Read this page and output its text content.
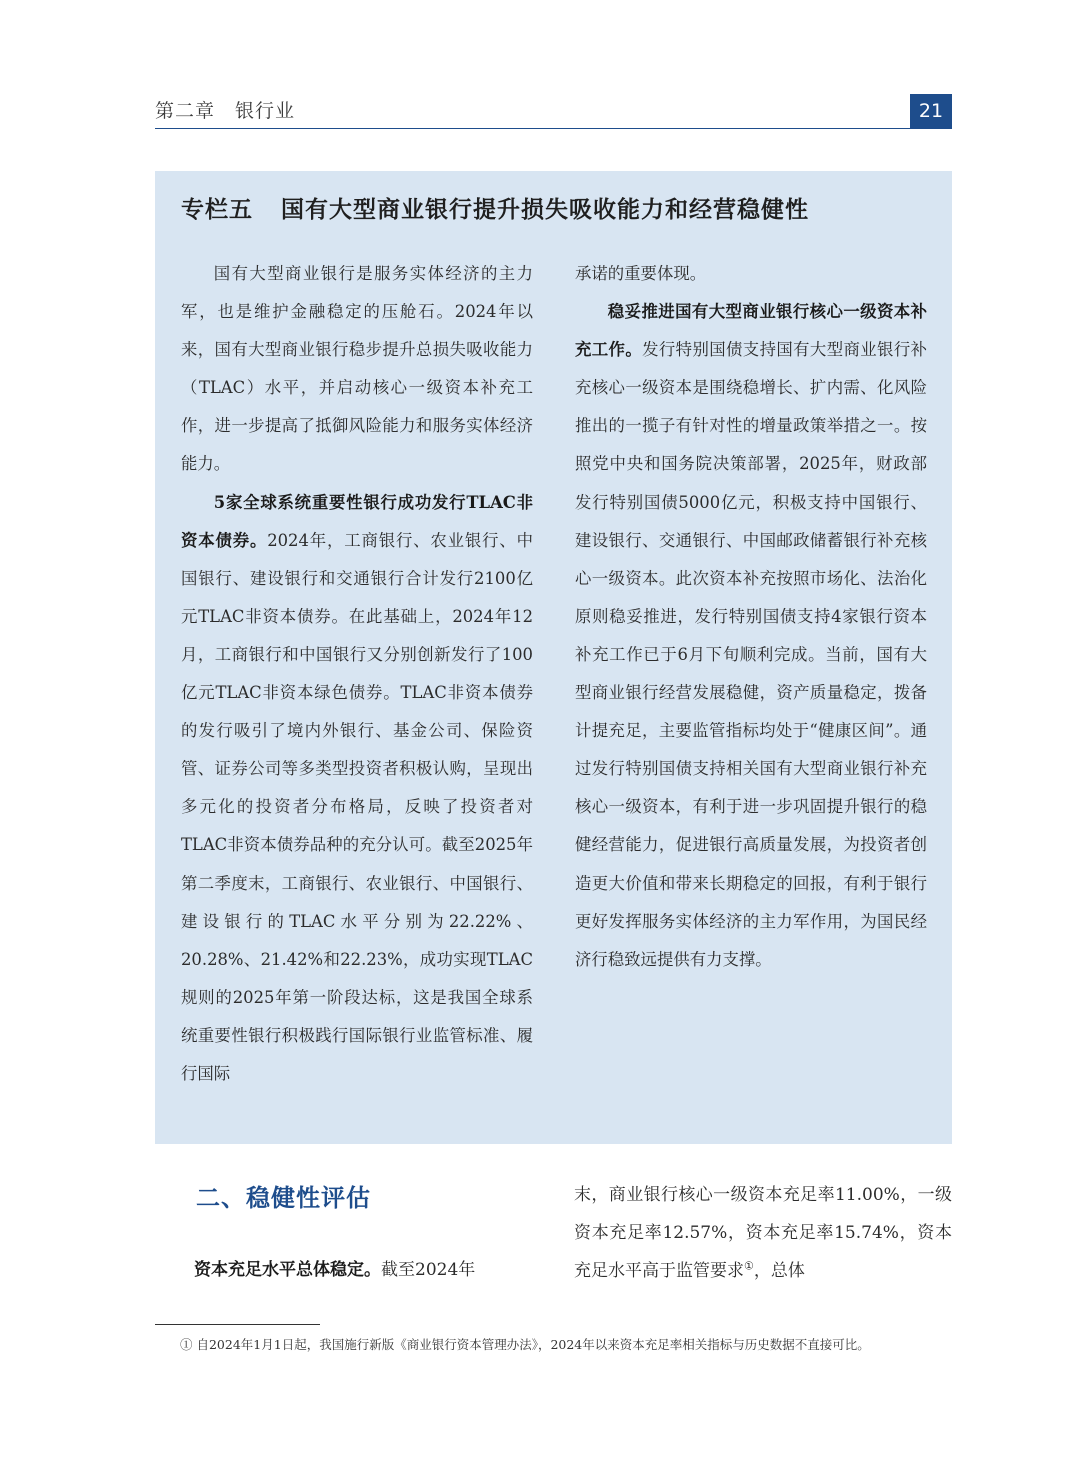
第二章　银行业	21
专栏五 国有大型商业银行提升损失吸收能力和经营稳健性

国有大型商业银行是服务实体经济的主力军，也是维护金融稳定的压舱石。2024年以来，国有大型商业银行稳步提升总损失吸收能力（TLAC）水平，并启动核心一级资本补充工作，进一步提高了抵御风险能力和服务实体经济能力。

5家全球系统重要性银行成功发行TLAC非资本债券。2024年，工商银行、农业银行、中国银行、建设银行和交通银行合计发行2100亿元TLAC非资本债券。在此基础上，2024年12月，工商银行和中国银行又分别创新发行了100亿元TLAC非资本绿色债券。TLAC非资本债券的发行吸引了境内外银行、基金公司、保险资管、证券公司等多类型投资者积极认购，呈现出多元化的投资者分布格局，反映了投资者对TLAC非资本债券品种的充分认可。截至2025年第二季度末，工商银行、农业银行、中国银行、建设银行的TLAC水平分别为22.22%、20.28%、21.42%和22.23%，成功实现TLAC规则的2025年第一阶段达标，这是我国全球系统重要性银行积极践行国际银行业监管标准、履行国际

承诺的重要体现。

稳妥推进国有大型商业银行核心一级资本补充工作。发行特别国债支持国有大型商业银行补充核心一级资本是围绕稳增长、扩内需、化风险推出的一揽子有针对性的增量政策举措之一。按照党中央和国务院决策部署，2025年，财政部发行特别国债5000亿元，积极支持中国银行、建设银行、交通银行、中国邮政储蓄银行补充核心一级资本。此次资本补充按照市场化、法治化原则稳妥推进，发行特别国债支持4家银行资本补充工作已于6月下旬顺利完成。当前，国有大型商业银行经营发展稳健，资产质量稳定，拨备计提充足，主要监管指标均处于“健康区间”。通过发行特别国债支持相关国有大型商业银行补充核心一级资本，有利于进一步巩固提升银行的稳健经营能力，促进银行高质量发展，为投资者创造更大价值和带来长期稳定的回报，有利于银行更好发挥服务实体经济的主力军作用，为国民经济行稳致远提供有力支撑。

二、稳健性评估

资本充足水平总体稳定。截至2024年

末，商业银行核心一级资本充足率11.00%，一级资本充足率12.57%，资本充足率15.74%，资本充足水平高于监管要求①，总体

① 自2024年1月1日起，我国施行新版《商业银行资本管理办法》，2024年以来资本充足率相关指标与历史数据不直接可比。
